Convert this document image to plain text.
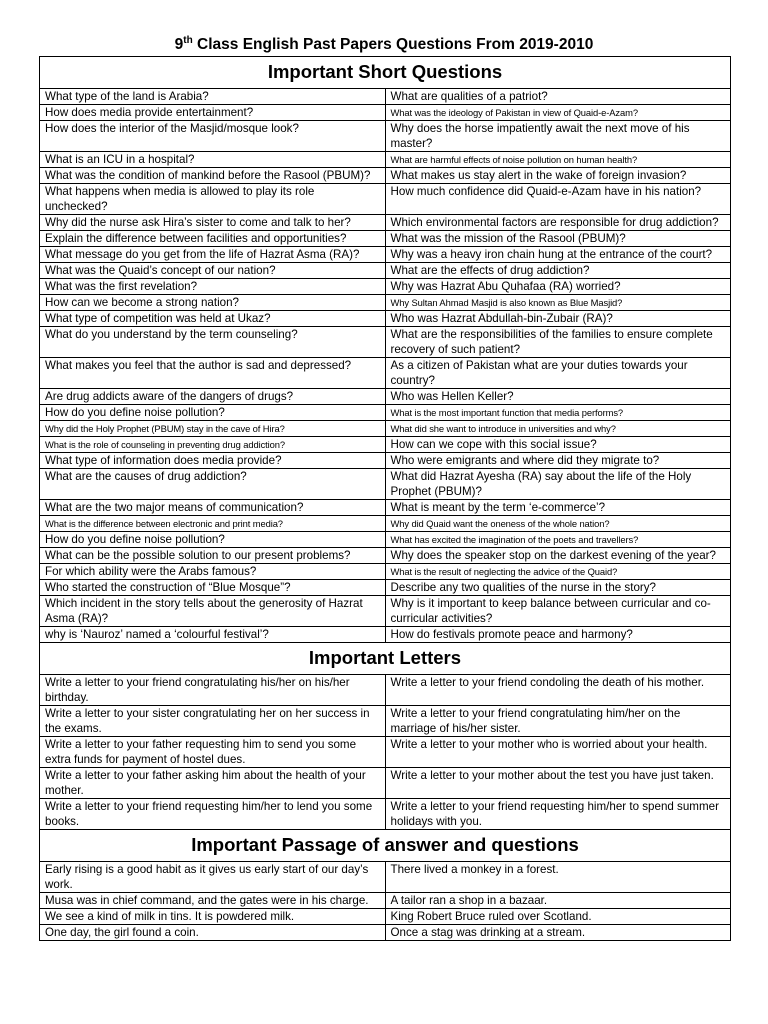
9th Class English Past Papers Questions From 2019-2010
Important Short Questions	
What type of the land is Arabia?	What are qualities of a patriot?
How does media provide entertainment?	What was the ideology of Pakistan in view of Quaid-e-Azam?
How does the interior of the Masjid/mosque look?	Why does the horse impatiently await the next move of his master?
What is an ICU in a hospital?	What are harmful effects of noise pollution on human health?
What was the condition of mankind before the Rasool (PBUM)?	What makes us stay alert in the wake of foreign invasion?
What happens when media is allowed to play its role unchecked?	How much confidence did Quaid-e-Azam have in his nation?
Why did the nurse ask Hira’s sister to come and talk to her?	Which environmental factors are responsible for drug addiction?
Explain the difference between facilities and opportunities?	What was the mission of the Rasool (PBUM)?
What message do you get from the life of Hazrat Asma (RA)?	Why was a heavy iron chain hung at the entrance of the court?
What was the Quaid’s concept of our nation?	What are the effects of drug addiction?
What was the first revelation?	Why was Hazrat Abu Quhafaa (RA) worried?
How can we become a strong nation?	Why Sultan Ahmad Masjid is also known as Blue Masjid?
What type of competition was held at Ukaz?	Who was Hazrat Abdullah-bin-Zubair (RA)?
What do you understand by the term counseling?	What are the responsibilities of the families to ensure complete recovery of such patient?
What makes you feel that the author is sad and depressed?	As a citizen of Pakistan what are your duties towards your country?
Are drug addicts aware of the dangers of drugs?	Who was Hellen Keller?
How do you define noise pollution?	What is the most important function that media performs?
Why did the Holy Prophet (PBUM) stay in the cave of Hira?	What did she want to introduce in universities and why?
What is the role of counseling in preventing drug addiction?	How can we cope with this social issue?
What type of information does media provide?	Who were emigrants and where did they migrate to?
What are the causes of drug addiction?	What did Hazrat Ayesha (RA) say about the life of the Holy Prophet (PBUM)?
What are the two major means of communication?	What is meant by the term ‘e-commerce’?
What is the difference between electronic and print media?	Why did Quaid want the oneness of the whole nation?
How do you define noise pollution?	What has excited the imagination of the poets and travellers?
What can be the possible solution to our present problems?	Why does the speaker stop on the darkest evening of the year?
For which ability were the Arabs famous?	What is the result of neglecting the advice of the Quaid?
Who started the construction of “Blue Mosque”?	Describe any two qualities of the nurse in the story?
Which incident in the story tells about the generosity of Hazrat Asma (RA)?	Why is it important to keep balance between curricular and co-curricular activities?
why is ‘Nauroz’ named a ‘colourful festival’?	How do festivals promote peace and harmony?
Important Letters	
Write a letter to your friend congratulating his/her on his/her birthday.	Write a letter to your friend condoling the death of his mother.
Write a letter to your sister congratulating her on her success in the exams.	Write a letter to your friend congratulating him/her on the marriage of his/her sister.
Write a letter to your father requesting him to send you some extra funds for payment of hostel dues.	Write a letter to your mother who is worried about your health.
Write a letter to your father asking him about the health of your mother.	Write a letter to your mother about the test you have just taken.
Write a letter to your friend requesting him/her to lend you some books.	Write a letter to your friend requesting him/her to spend summer holidays with you.
Important Passage of answer and questions	
Early rising is a good habit as it gives us early start of our day’s work.	There lived a monkey in a forest.
Musa was in chief command, and the gates were in his charge.	A tailor ran a shop in a bazaar.
We see a kind of milk in tins. It is powdered milk.	King Robert Bruce ruled over Scotland.
One day, the girl found a coin.	Once a stag was drinking at a stream.
